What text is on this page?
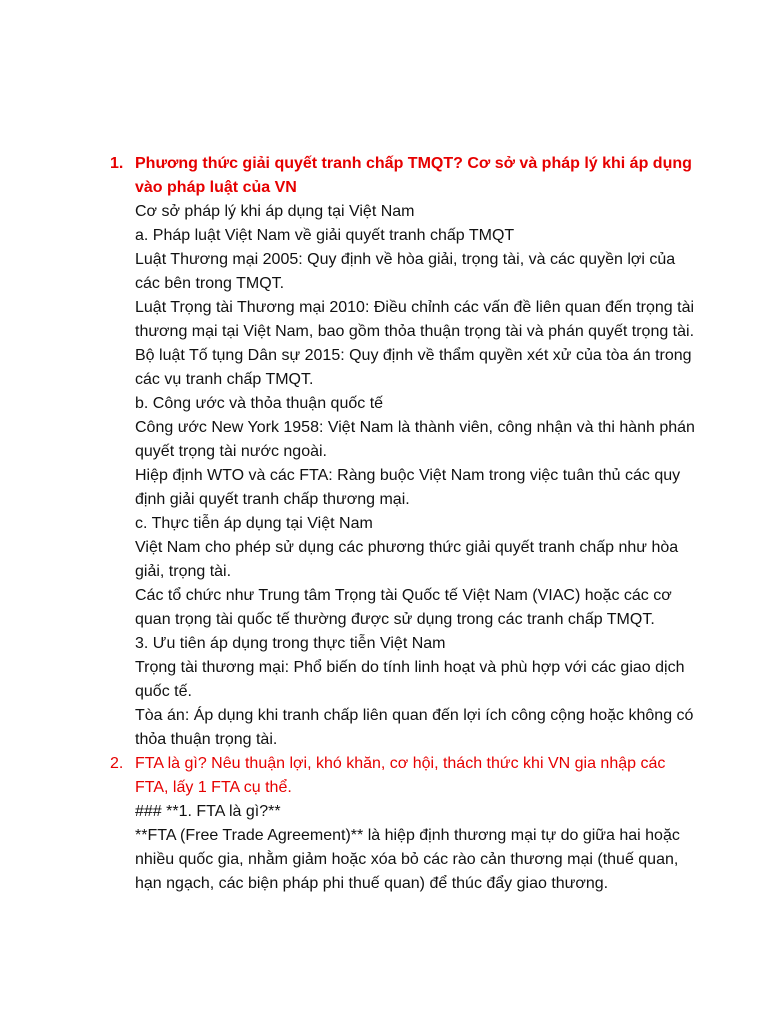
1. Phương thức giải quyết tranh chấp TMQT? Cơ sở và pháp lý khi áp dụng vào pháp luật của VN

Cơ sở pháp lý khi áp dụng tại Việt Nam

a. Pháp luật Việt Nam về giải quyết tranh chấp TMQT

Luật Thương mại 2005: Quy định về hòa giải, trọng tài, và các quyền lợi của các bên trong TMQT.

Luật Trọng tài Thương mại 2010: Điều chỉnh các vấn đề liên quan đến trọng tài thương mại tại Việt Nam, bao gồm thỏa thuận trọng tài và phán quyết trọng tài.

Bộ luật Tố tụng Dân sự 2015: Quy định về thẩm quyền xét xử của tòa án trong các vụ tranh chấp TMQT.

b. Công ước và thỏa thuận quốc tế

Công ước New York 1958: Việt Nam là thành viên, công nhận và thi hành phán quyết trọng tài nước ngoài.

Hiệp định WTO và các FTA: Ràng buộc Việt Nam trong việc tuân thủ các quy định giải quyết tranh chấp thương mại.

c. Thực tiễn áp dụng tại Việt Nam

Việt Nam cho phép sử dụng các phương thức giải quyết tranh chấp như hòa giải, trọng tài.

Các tổ chức như Trung tâm Trọng tài Quốc tế Việt Nam (VIAC) hoặc các cơ quan trọng tài quốc tế thường được sử dụng trong các tranh chấp TMQT.

3. Ưu tiên áp dụng trong thực tiễn Việt Nam

Trọng tài thương mại: Phổ biến do tính linh hoạt và phù hợp với các giao dịch quốc tế.

Tòa án: Áp dụng khi tranh chấp liên quan đến lợi ích công cộng hoặc không có thỏa thuận trọng tài.

2. FTA là gì? Nêu thuận lợi, khó khăn, cơ hội, thách thức khi VN gia nhập các FTA, lấy 1 FTA cụ thể.

### **1. FTA là gì?**

**FTA (Free Trade Agreement)** là hiệp định thương mại tự do giữa hai hoặc nhiều quốc gia, nhằm giảm hoặc xóa bỏ các rào cản thương mại (thuế quan, hạn ngạch, các biện pháp phi thuế quan) để thúc đẩy giao thương.
